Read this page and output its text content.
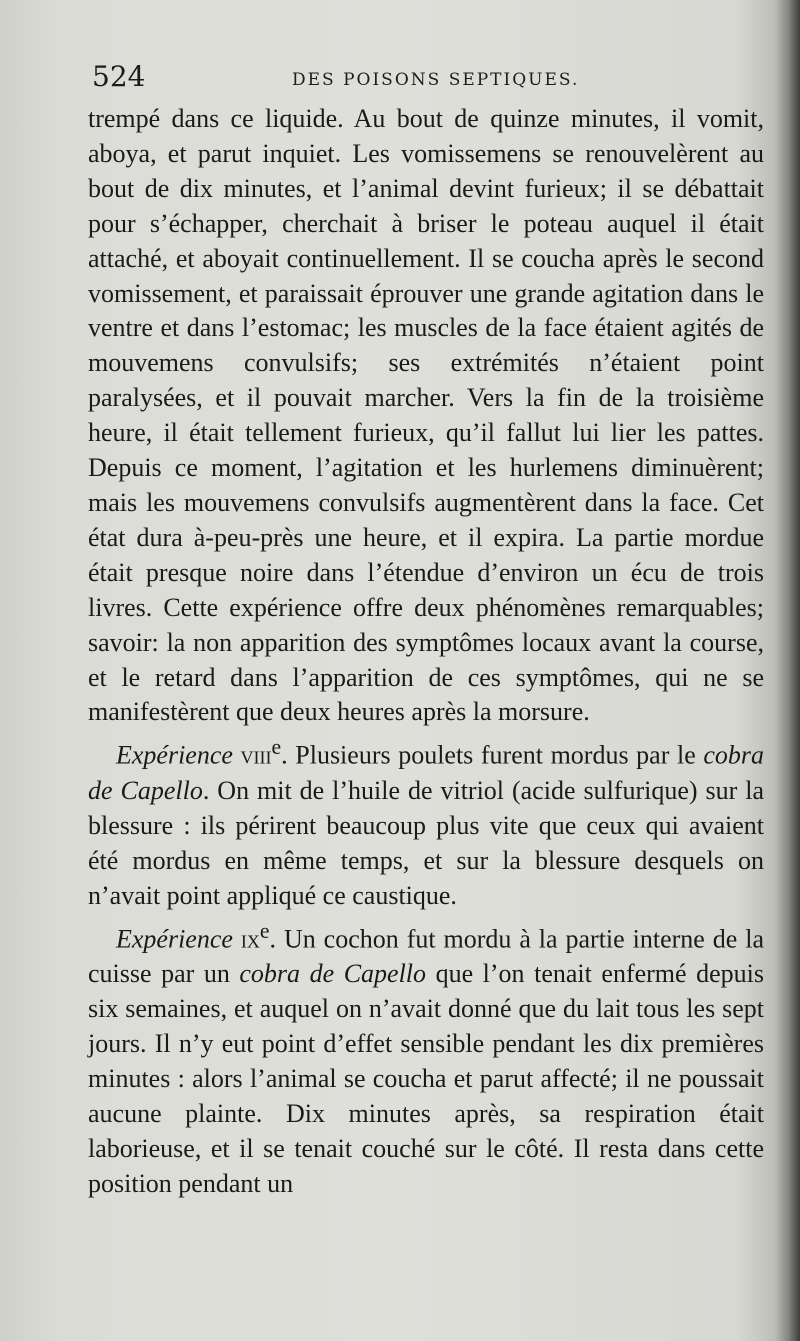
524	DES POISONS SEPTIQUES.

trempé dans ce liquide. Au bout de quinze minutes, il vomit, aboya, et parut inquiet. Les vomissemens se renouvelèrent au bout de dix minutes, et l’animal devint furieux; il se débattait pour s’échapper, cherchait à briser le poteau auquel il était attaché, et aboyait continuellement. Il se coucha après le second vomissement, et paraissait éprouver une grande agitation dans le ventre et dans l’estomac; les muscles de la face étaient agités de mouvemens convulsifs; ses extrémités n’étaient point paralysées, et il pouvait marcher. Vers la fin de la troisième heure, il était tellement furieux, qu’il fallut lui lier les pattes. Depuis ce moment, l’agitation et les hurlemens diminuèrent; mais les mouvemens convulsifs augmentèrent dans la face. Cet état dura à-peu-près une heure, et il expira. La partie mordue était presque noire dans l’étendue d’environ un écu de trois livres. Cette expérience offre deux phénomènes remarquables; savoir: la non apparition des symptômes locaux avant la course, et le retard dans l’apparition de ces symptômes, qui ne se manifestèrent que deux heures après la morsure.

Expérience viii$^e$. Plusieurs poulets furent mordus par le cobra de Capello. On mit de l’huile de vitriol (acide sulfurique) sur la blessure : ils périrent beaucoup plus vite que ceux qui avaient été mordus en même temps, et sur la blessure desquels on n’avait point appliqué ce caustique.

Expérience $ix^e$. Un cochon fut mordu à la partie interne de la cuisse par un cobra de Capello que l’on tenait enfermé depuis six semaines, et auquel on n’avait donné que du lait tous les sept jours. Il n’y eut point d’effet sensible pendant les dix premières minutes : alors l’animal se coucha et parut affecté; il ne poussait aucune plainte. Dix minutes après, sa respiration était laborieuse, et il se tenait couché sur le côté. Il resta dans cette position pendant un
